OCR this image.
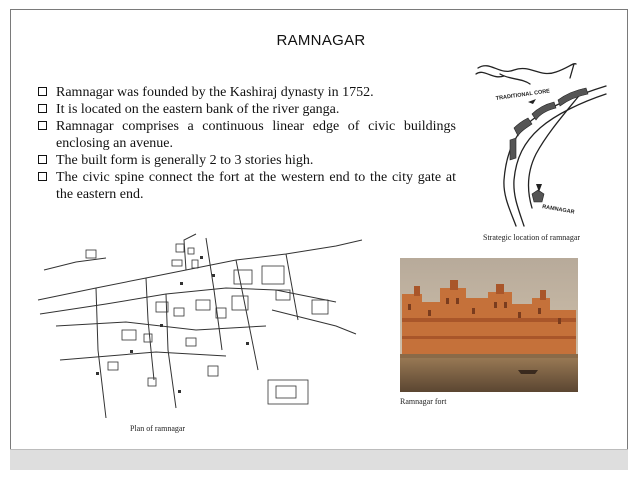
RAMNAGAR
Ramnagar was founded by the Kashiraj dynasty in 1752.
It is located on the eastern bank of the river ganga.
Ramnagar comprises a continuous linear edge of civic buildings enclosing an avenue.
The built form is generally 2 to 3 stories high.
The civic spine connect the fort at the western end to the city gate at the eastern end.
TRADITIONAL CORE
RAMNAGAR
Strategic location of ramnagar
Ramnagar fort
Plan of ramnagar
